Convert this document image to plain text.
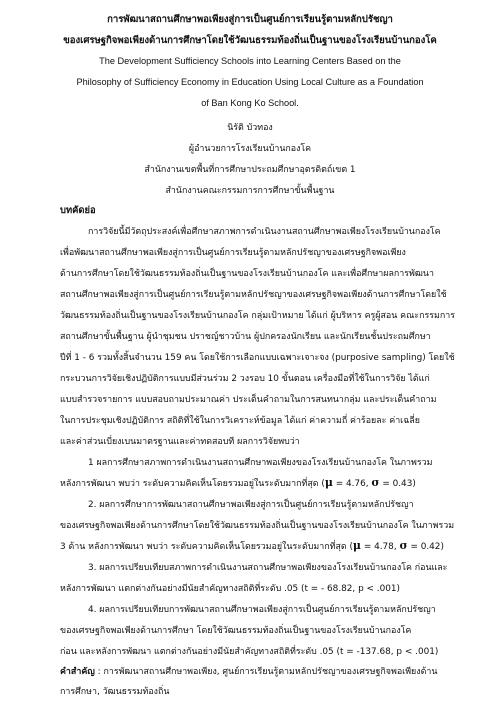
การพัฒนาสถานศึกษาพอเพียงสู่การเป็นศูนย์การเรียนรู้ตามหลักปรัชญา
ของเศรษฐกิจพอเพียงด้านการศึกษาโดยใช้วัฒนธรรมท้องถิ่นเป็นฐานของโรงเรียนบ้านกองโค
The Development Sufficiency Schools into Learning Centers Based on the
Philosophy of Sufficiency Economy in Education Using Local Culture as a Foundation
of Ban Kong Ko School.
นิรัติ บัวทอง
ผู้อำนวยการโรงเรียนบ้านกองโค
สำนักงานเขตพื้นที่การศึกษาประถมศึกษาอุตรดิตถ์เขต 1
สำนักงานคณะกรรมการการศึกษาขั้นพื้นฐาน
บทคัดย่อ
การวิจัยนี้มีวัตถุประสงค์เพื่อศึกษาสภาพการดำเนินงานสถานศึกษาพอเพียงโรงเรียนบ้านกองโค
เพื่อพัฒนาสถานศึกษาพอเพียงสู่การเป็นศูนย์การเรียนรู้ตามหลักปรัชญาของเศรษฐกิจพอเพียง
ด้านการศึกษาโดยใช้วัฒนธรรมท้องถิ่นเป็นฐานของโรงเรียนบ้านกองโค และเพื่อศึกษาผลการพัฒนา
สถานศึกษาพอเพียงสู่การเป็นศูนย์การเรียนรู้ตามหลักปรัชญาของเศรษฐกิจพอเพียงด้านการศึกษาโดยใช้
วัฒนธรรมท้องถิ่นเป็นฐานของโรงเรียนบ้านกองโค กลุ่มเป้าหมาย ได้แก่ ผู้บริหาร ครูผู้สอน คณะกรรมการ
สถานศึกษาขั้นพื้นฐาน ผู้นำชุมชน ปราชญ์ชาวบ้าน ผู้ปกครองนักเรียน และนักเรียนชั้นประถมศึกษา
ปีที่ 1 - 6 รวมทั้งสิ้นจำนวน 159 คน โดยใช้การเลือกแบบเฉพาะเจาะจง (purposive sampling) โดยใช้
กระบวนการวิจัยเชิงปฏิบัติการแบบมีส่วนร่วม 2 วงรอบ 10 ขั้นตอน เครื่องมือที่ใช้ในการวิจัย ได้แก่
แบบสำรวจรายการ แบบสอบถามประมาณค่า ประเด็นคำถามในการสนทนากลุ่ม และประเด็นคำถาม
ในการประชุมเชิงปฏิบัติการ สถิติที่ใช้ในการวิเคราะห์ข้อมูล ได้แก่ ค่าความถี่ ค่าร้อยละ ค่าเฉลี่ย
และค่าส่วนเบี่ยงเบนมาตรฐานและค่าทดสอบที ผลการวิจัยพบว่า
1 ผลการศึกษาสภาพการดำเนินงานสถานศึกษาพอเพียงของโรงเรียนบ้านกองโค ในภาพรวม
หลังการพัฒนา พบว่า ระดับความคิดเห็นโดยรวมอยู่ในระดับมากที่สุด (μ = 4.76, σ = 0.43)
2. ผลการศึกษาการพัฒนาสถานศึกษาพอเพียงสู่การเป็นศูนย์การเรียนรู้ตามหลักปรัชญา
ของเศรษฐกิจพอเพียงด้านการศึกษาโดยใช้วัฒนธรรมท้องถิ่นเป็นฐานของโรงเรียนบ้านกองโค ในภาพรวม
3 ด้าน หลังการพัฒนา พบว่า ระดับความคิดเห็นโดยรวมอยู่ในระดับมากที่สุด (μ = 4.78, σ = 0.42)
3. ผลการเปรียบเทียบสภาพการดำเนินงานสถานศึกษาพอเพียงของโรงเรียนบ้านกองโค ก่อนและ
หลังการพัฒนา แตกต่างกันอย่างมีนัยสำคัญทางสถิติที่ระดับ .05 (t = - 68.82, p < .001)
4. ผลการเปรียบเทียบการพัฒนาสถานศึกษาพอเพียงสู่การเป็นศูนย์การเรียนรู้ตามหลักปรัชญา
ของเศรษฐกิจพอเพียงด้านการศึกษา โดยใช้วัฒนธรรมท้องถิ่นเป็นฐานของโรงเรียนบ้านกองโค
ก่อน และหลังการพัฒนา แตกต่างกันอย่างมีนัยสำคัญทางสถิติที่ระดับ .05 (t = -137.68, p < .001)
คำสำคัญ : การพัฒนาสถานศึกษาพอเพียง, ศูนย์การเรียนรู้ตามหลักปรัชญาของเศรษฐกิจพอเพียงด้าน
การศึกษา, วัฒนธรรมท้องถิ่น
